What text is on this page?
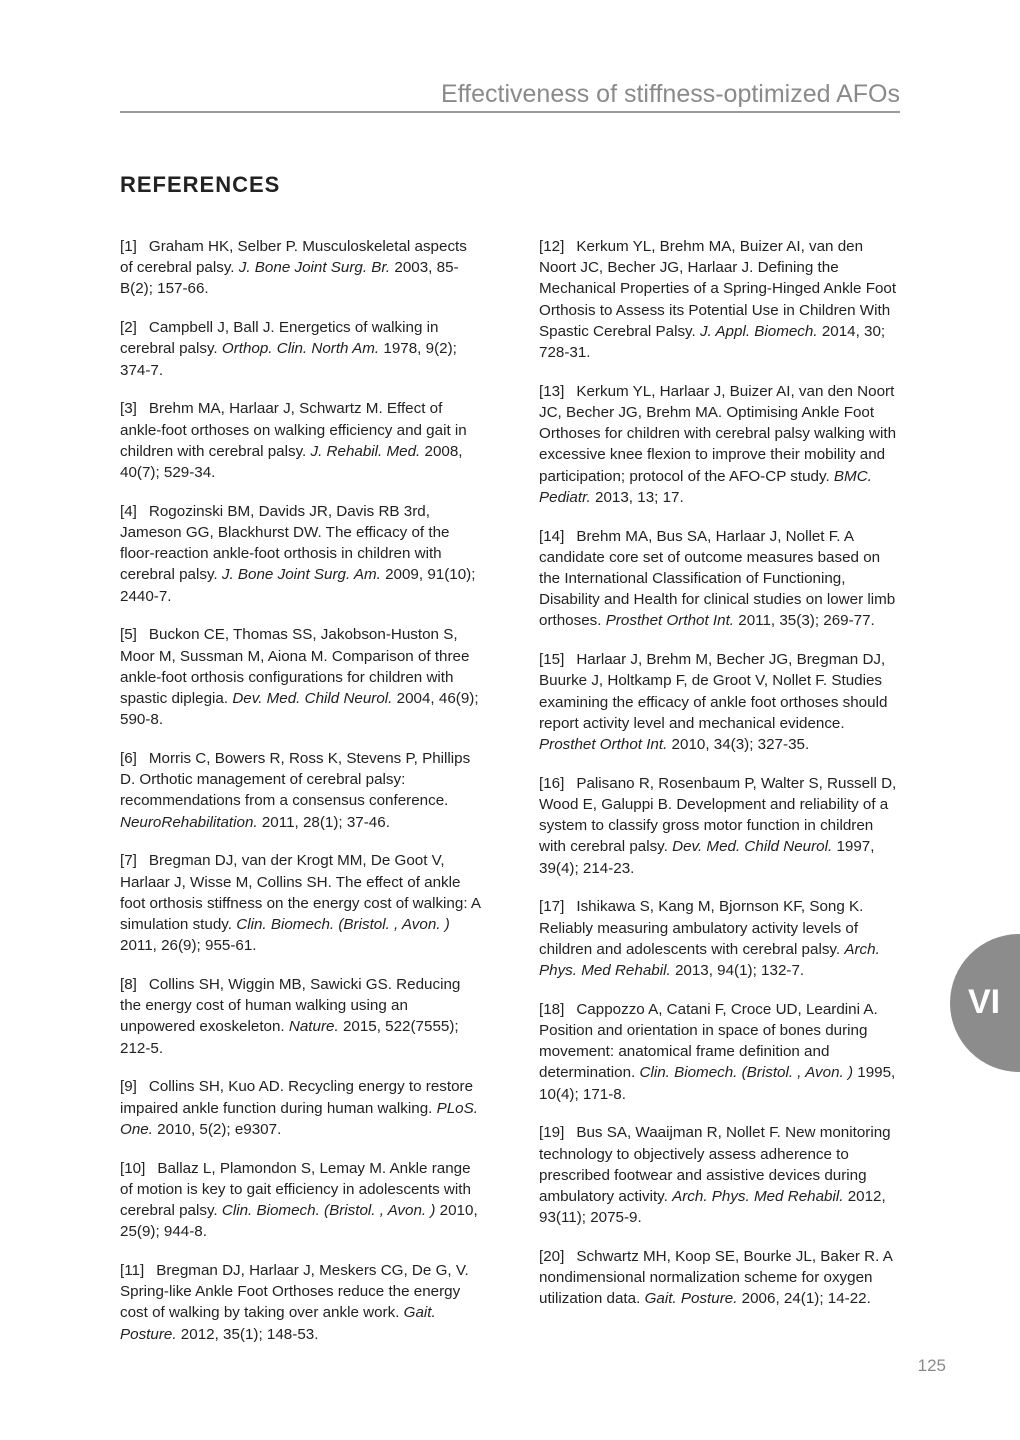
Effectiveness of stiffness-optimized AFOs
REFERENCES

[1] Graham HK, Selber P. Musculoskeletal aspects of cerebral palsy. J. Bone Joint Surg. Br. 2003, 85-B(2); 157-66.

[2] Campbell J, Ball J. Energetics of walking in cerebral palsy. Orthop. Clin. North Am. 1978, 9(2); 374-7.

[3] Brehm MA, Harlaar J, Schwartz M. Effect of ankle-foot orthoses on walking efficiency and gait in children with cerebral palsy. J. Rehabil. Med. 2008, 40(7); 529-34.

[4] Rogozinski BM, Davids JR, Davis RB 3rd, Jameson GG, Blackhurst DW. The efficacy of the floor-reaction ankle-foot orthosis in children with cerebral palsy. J. Bone Joint Surg. Am. 2009, 91(10); 2440-7.

[5] Buckon CE, Thomas SS, Jakobson-Huston S, Moor M, Sussman M, Aiona M. Comparison of three ankle-foot orthosis configurations for children with spastic diplegia. Dev. Med. Child Neurol. 2004, 46(9); 590-8.

[6] Morris C, Bowers R, Ross K, Stevens P, Phillips D. Orthotic management of cerebral palsy: recommendations from a consensus conference. NeuroRehabilitation. 2011, 28(1); 37-46.

[7] Bregman DJ, van der Krogt MM, De Goot V, Harlaar J, Wisse M, Collins SH. The effect of ankle foot orthosis stiffness on the energy cost of walking: A simulation study. Clin. Biomech. (Bristol. , Avon. ) 2011, 26(9); 955-61.

[8] Collins SH, Wiggin MB, Sawicki GS. Reducing the energy cost of human walking using an unpowered exoskeleton. Nature. 2015, 522(7555); 212-5.

[9] Collins SH, Kuo AD. Recycling energy to restore impaired ankle function during human walking. PLoS. One. 2010, 5(2); e9307.

[10] Ballaz L, Plamondon S, Lemay M. Ankle range of motion is key to gait efficiency in adolescents with cerebral palsy. Clin. Biomech. (Bristol. , Avon. ) 2010, 25(9); 944-8.

[11] Bregman DJ, Harlaar J, Meskers CG, De G, V. Spring-like Ankle Foot Orthoses reduce the energy cost of walking by taking over ankle work. Gait. Posture. 2012, 35(1); 148-53.

[12] Kerkum YL, Brehm MA, Buizer AI, van den Noort JC, Becher JG, Harlaar J. Defining the Mechanical Properties of a Spring-Hinged Ankle Foot Orthosis to Assess its Potential Use in Children With Spastic Cerebral Palsy. J. Appl. Biomech. 2014, 30; 728-31.

[13] Kerkum YL, Harlaar J, Buizer AI, van den Noort JC, Becher JG, Brehm MA. Optimising Ankle Foot Orthoses for children with cerebral palsy walking with excessive knee flexion to improve their mobility and participation; protocol of the AFO-CP study. BMC. Pediatr. 2013, 13; 17.

[14] Brehm MA, Bus SA, Harlaar J, Nollet F. A candidate core set of outcome measures based on the International Classification of Functioning, Disability and Health for clinical studies on lower limb orthoses. Prosthet Orthot Int. 2011, 35(3); 269-77.

[15] Harlaar J, Brehm M, Becher JG, Bregman DJ, Buurke J, Holtkamp F, de Groot V, Nollet F. Studies examining the efficacy of ankle foot orthoses should report activity level and mechanical evidence. Prosthet Orthot Int. 2010, 34(3); 327-35.

[16] Palisano R, Rosenbaum P, Walter S, Russell D, Wood E, Galuppi B. Development and reliability of a system to classify gross motor function in children with cerebral palsy. Dev. Med. Child Neurol. 1997, 39(4); 214-23.

[17] Ishikawa S, Kang M, Bjornson KF, Song K. Reliably measuring ambulatory activity levels of children and adolescents with cerebral palsy. Arch. Phys. Med Rehabil. 2013, 94(1); 132-7.

[18] Cappozzo A, Catani F, Croce UD, Leardini A. Position and orientation in space of bones during movement: anatomical frame definition and determination. Clin. Biomech. (Bristol. , Avon. ) 1995, 10(4); 171-8.

[19] Bus SA, Waaijman R, Nollet F. New monitoring technology to objectively assess adherence to prescribed footwear and assistive devices during ambulatory activity. Arch. Phys. Med Rehabil. 2012, 93(11); 2075-9.

[20] Schwartz MH, Koop SE, Bourke JL, Baker R. A nondimensional normalization scheme for oxygen utilization data. Gait. Posture. 2006, 24(1); 14-22.

VI
125
